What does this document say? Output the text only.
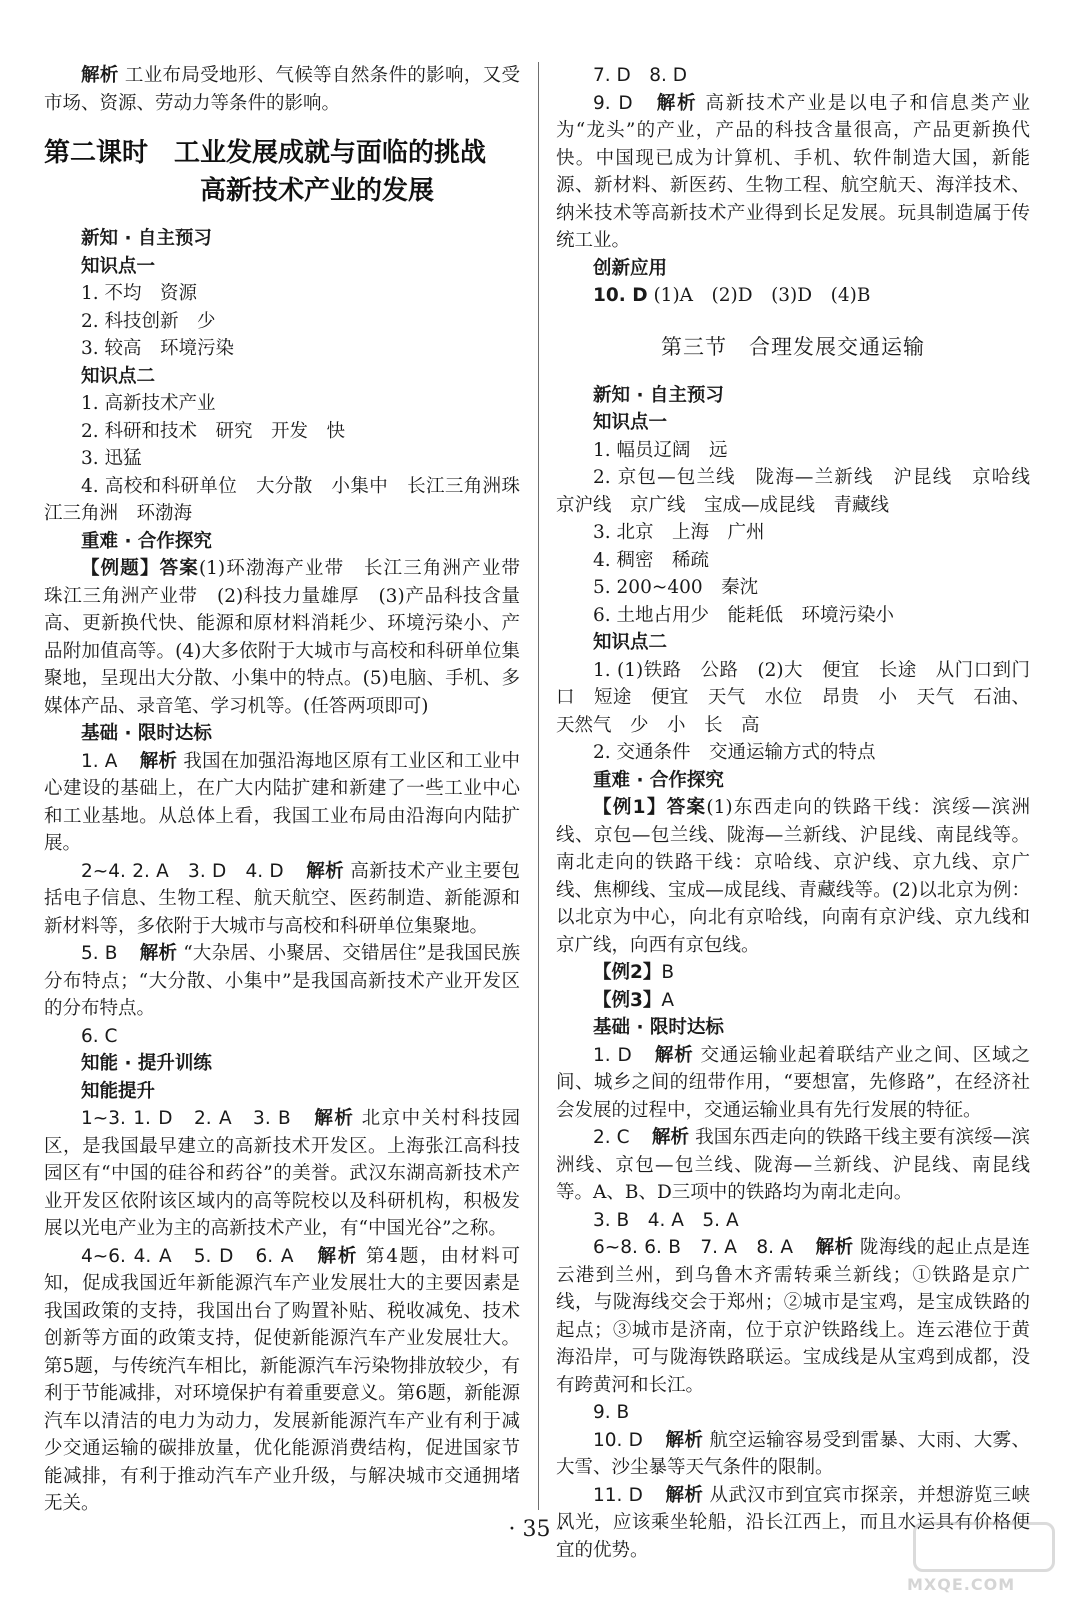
解析 工业布局受地形、气候等自然条件的影响，又受市场、资源、劳动力等条件的影响。

第二课时　工业发展成就与面临的挑战
高新技术产业的发展

新知 · 自主预习

知识点一

1. 不均　资源

2. 科技创新　少

3. 较高　环境污染

知识点二

1. 高新技术产业

2. 科研和技术　研究　开发　快

3. 迅猛

4. 高校和科研单位　大分散　小集中　长江三角洲珠江三角洲　环渤海

重难 · 合作探究

【例题】答案(1)环渤海产业带　长江三角洲产业带　珠江三角洲产业带　(2)科技力量雄厚　(3)产品科技含量高、更新换代快、能源和原材料消耗少、环境污染小、产品附加值高等。(4)大多依附于大城市与高校和科研单位集聚地，呈现出大分散、小集中的特点。(5)电脑、手机、多媒体产品、录音笔、学习机等。(任答两项即可)

基础 · 限时达标

1. A 解析 我国在加强沿海地区原有工业区和工业中心建设的基础上，在广大内陆扩建和新建了一些工业中心和工业基地。从总体上看，我国工业布局由沿海向内陆扩展。

2~4. 2. A　3. D　4. D 解析 高新技术产业主要包括电子信息、生物工程、航天航空、医药制造、新能源和新材料等，多依附于大城市与高校和科研单位集聚地。

5. B 解析 “大杂居、小聚居、交错居住”是我国民族分布特点；“大分散、小集中”是我国高新技术产业开发区的分布特点。

6. C

知能 · 提升训练

知能提升

1~3. 1. D　2. A　3. B 解析 北京中关村科技园区，是我国最早建立的高新技术开发区。上海张江高科技园区有“中国的硅谷和药谷”的美誉。武汉东湖高新技术产业开发区依附该区域内的高等院校以及科研机构，积极发展以光电产业为主的高新技术产业，有“中国光谷”之称。

4~6. 4. A　5. D　6. A 解析 第4题，由材料可知，促成我国近年新能源汽车产业发展壮大的主要因素是我国政策的支持，我国出台了购置补贴、税收减免、技术创新等方面的政策支持，促使新能源汽车产业发展壮大。第5题，与传统汽车相比，新能源汽车污染物排放较少，有利于节能减排，对环境保护有着重要意义。第6题，新能源汽车以清洁的电力为动力，发展新能源汽车产业有利于减少交通运输的碳排放量，优化能源消费结构，促进国家节能减排，有利于推动汽车产业升级，与解决城市交通拥堵无关。

7. D　8. D

9. D 解析 高新技术产业是以电子和信息类产业为“龙头”的产业，产品的科技含量很高，产品更新换代快。中国现已成为计算机、手机、软件制造大国，新能源、新材料、新医药、生物工程、航空航天、海洋技术、纳米技术等高新技术产业得到长足发展。玩具制造属于传统工业。

创新应用

10. D (1)A　(2)D　(3)D　(4)B

第三节　合理发展交通运输

新知 · 自主预习

知识点一

1. 幅员辽阔　远

2. 京包—包兰线　陇海—兰新线　沪昆线　京哈线　京沪线　京广线　宝成—成昆线　青藏线

3. 北京　上海　广州

4. 稠密　稀疏

5. 200~400　秦沈

6. 土地占用少　能耗低　环境污染小

知识点二

1. (1)铁路　公路　(2)大　便宜　长途　从门口到门口　短途　便宜　天气　水位　昂贵　小　天气　石油、天然气　少　小　长　高

2. 交通条件　交通运输方式的特点

重难 · 合作探究

【例1】答案(1)东西走向的铁路干线：滨绥—滨洲线、京包—包兰线、陇海—兰新线、沪昆线、南昆线等。南北走向的铁路干线：京哈线、京沪线、京九线、京广线、焦柳线、宝成—成昆线、青藏线等。(2)以北京为例：以北京为中心，向北有京哈线，向南有京沪线、京九线和京广线，向西有京包线。

【例2】B

【例3】A

基础 · 限时达标

1. D 解析 交通运输业起着联结产业之间、区域之间、城乡之间的纽带作用，“要想富，先修路”，在经济社会发展的过程中，交通运输业具有先行发展的特征。

2. C 解析 我国东西走向的铁路干线主要有滨绥—滨洲线、京包—包兰线、陇海—兰新线、沪昆线、南昆线等。A、B、D三项中的铁路均为南北走向。

3. B　4. A　5. A

6~8. 6. B　7. A　8. A 解析 陇海线的起止点是连云港到兰州，到乌鲁木齐需转乘兰新线；①铁路是京广线，与陇海线交会于郑州；②城市是宝鸡，是宝成铁路的起点；③城市是济南，位于京沪铁路线上。连云港位于黄海沿岸，可与陇海铁路联运。宝成线是从宝鸡到成都，没有跨黄河和长江。

9. B

10. D 解析 航空运输容易受到雷暴、大雨、大雾、大雪、沙尘暴等天气条件的限制。

11. D 解析 从武汉市到宜宾市探亲，并想游览三峡风光，应该乘坐轮船，沿长江西上，而且水运具有价格便宜的优势。

· 35 ·
MXQE.COM
